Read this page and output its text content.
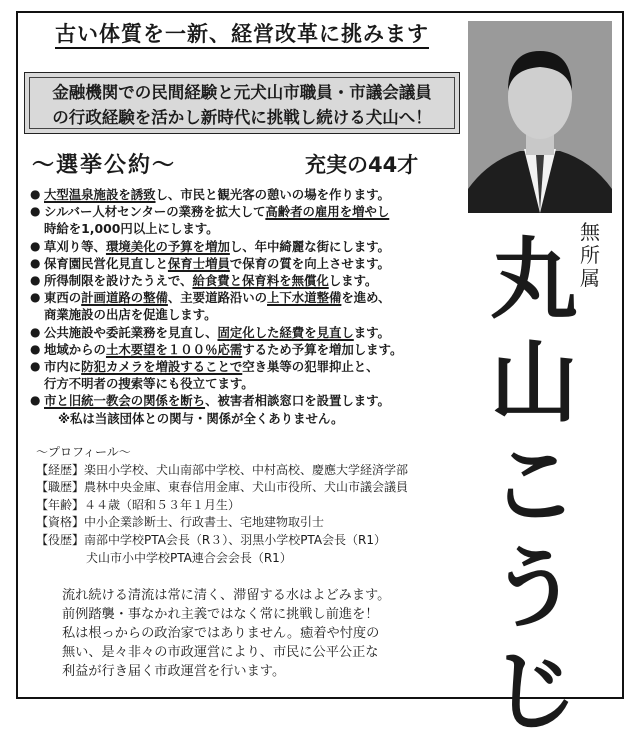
古い体質を一新、経営改革に挑みます
金融機関での民間経験と元犬山市職員・市議会議員
の行政経験を活かし新時代に挑戦し続ける犬山へ！
～選挙公約～	充実の44才
● 大型温泉施設を誘致し、市民と観光客の憩いの場を作ります。
● シルバー人材センターの業務を拡大して高齢者の雇用を増やし
時給を1,000円以上にします。
● 草刈り等、環境美化の予算を増加し、年中綺麗な街にします。
● 保育園民営化見直しと保育士増員で保育の質を向上させます。
● 所得制限を設けたうえで、給食費と保育料を無償化します。
● 東西の計画道路の整備、主要道路沿いの上下水道整備を進め、
商業施設の出店を促進します。
● 公共施設や委託業務を見直し、固定化した経費を見直します。
● 地域からの土木要望を１００％応需するため予算を増加します。
● 市内に防犯カメラを増設することで空き巣等の犯罪抑止と、
行方不明者の捜索等にも役立てます。
● 市と旧統一教会の関係を断ち、被害者相談窓口を設置します。
※私は当該団体との関与・関係が全くありません。
～プロフィール～
【経歴】楽田小学校、犬山南部中学校、中村高校、慶應大学経済学部
【職歴】農林中央金庫、東春信用金庫、犬山市役所、犬山市議会議員
【年齢】４４歳（昭和５３年１月生）
【資格】中小企業診断士、行政書士、宅地建物取引士
【役歴】南部中学校PTA会長（R３）、羽黒小学校PTA会長（R1）
犬山市小中学校PTA連合会会長（R1）
流れ続ける清流は常に清く、滞留する水はよどみます。
前例踏襲・事なかれ主義ではなく常に挑戦し前進を！
私は根っからの政治家ではありません。癒着や忖度の
無い、是々非々の市政運営により、市民に公平公正な
利益が行き届く市政運営を行います。
無所属
丸山こうじ
